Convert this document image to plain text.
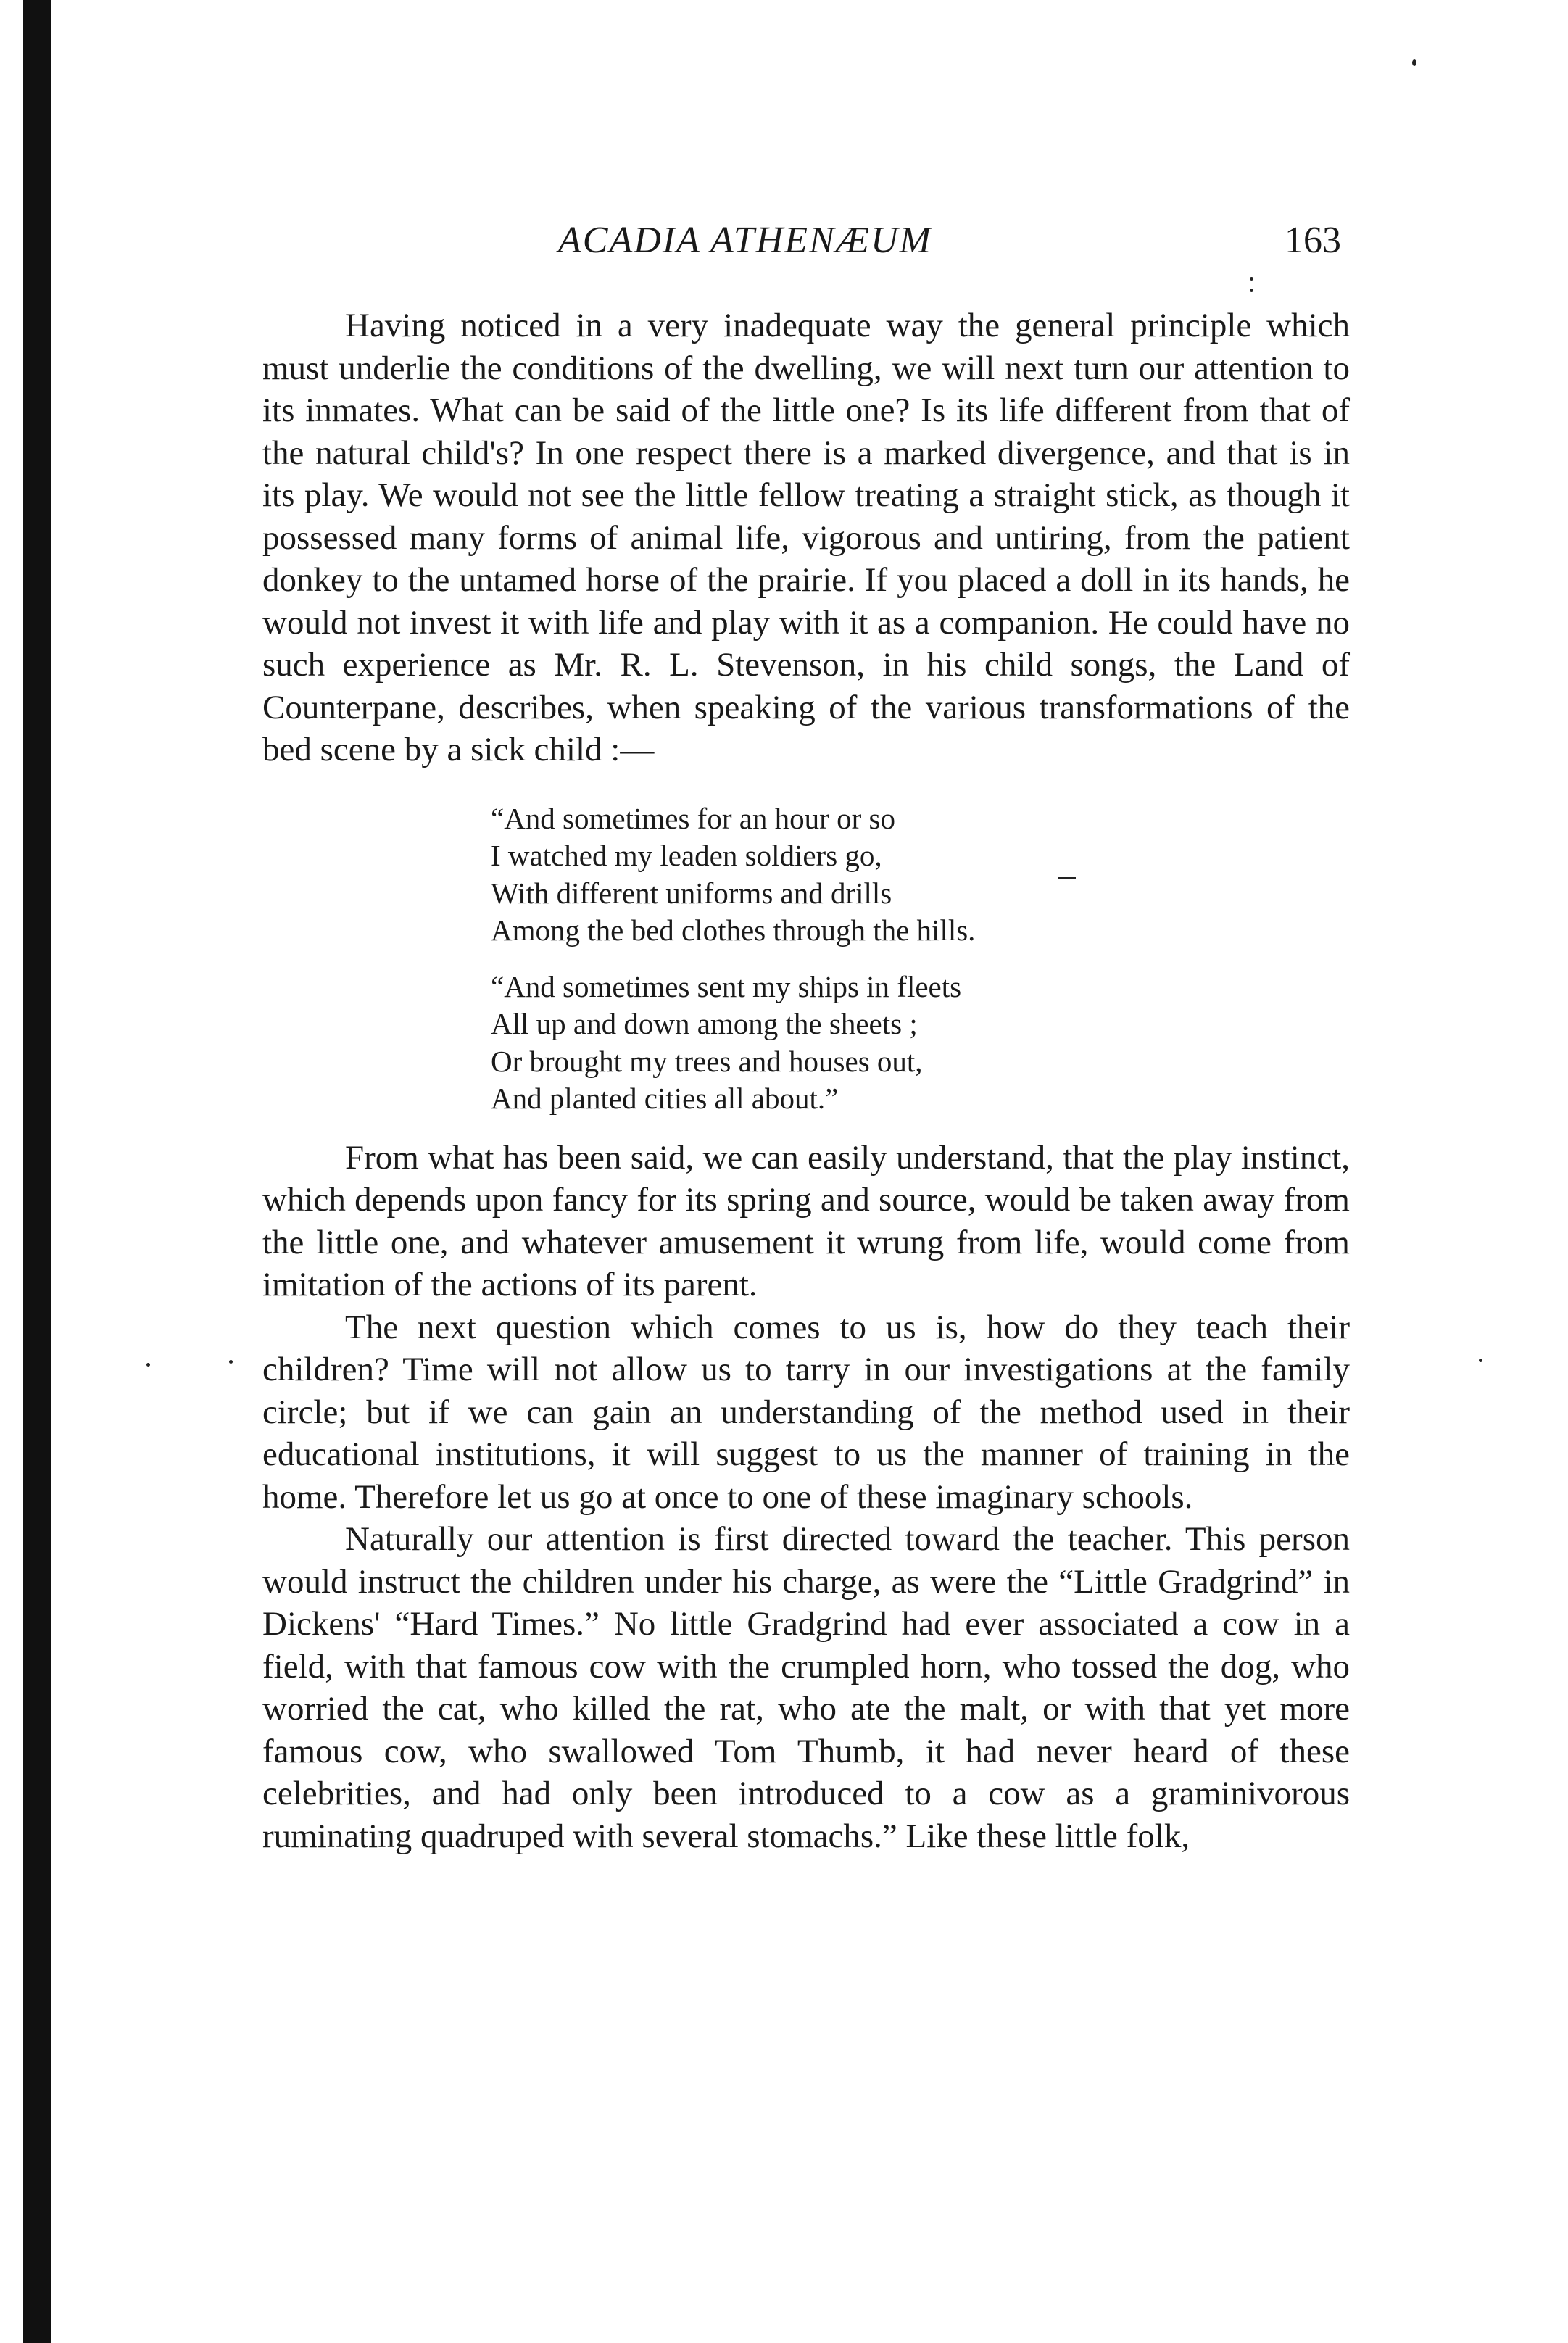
ACADIA ATHENÆUM	163

Having noticed in a very inadequate way the general principle which must underlie the conditions of the dwelling, we will next turn our attention to its inmates. What can be said of the little one? Is its life different from that of the natural child's? In one respect there is a marked divergence, and that is in its play. We would not see the little fellow treating a straight stick, as though it possessed many forms of animal life, vigorous and untiring, from the patient donkey to the untamed horse of the prairie. If you placed a doll in its hands, he would not invest it with life and play with it as a companion. He could have no such experience as Mr. R. L. Stevenson, in his child songs, the Land of Counterpane, describes, when speaking of the various transformations of the bed scene by a sick child :—

“And sometimes for an hour or so
I watched my leaden soldiers go,
With different uniforms and drills
Among the bed clothes through the hills.
“And sometimes sent my ships in fleets
All up and down among the sheets ;
Or brought my trees and houses out,
And planted cities all about.”

From what has been said, we can easily understand, that the play instinct, which depends upon fancy for its spring and source, would be taken away from the little one, and whatever amusement it wrung from life, would come from imitation of the actions of its parent.

The next question which comes to us is, how do they teach their children? Time will not allow us to tarry in our investigations at the family circle; but if we can gain an understanding of the method used in their educational institutions, it will suggest to us the manner of training in the home. Therefore let us go at once to one of these imaginary schools.

Naturally our attention is first directed toward the teacher. This person would instruct the children under his charge, as were the “Little Gradgrind” in Dickens' “Hard Times.” No little Gradgrind had ever associated a cow in a field, with that famous cow with the crumpled horn, who tossed the dog, who worried the cat, who killed the rat, who ate the malt, or with that yet more famous cow, who swallowed Tom Thumb, it had never heard of these celebrities, and had only been introduced to a cow as a graminivorous ruminating quadruped with several stomachs.” Like these little folk,
